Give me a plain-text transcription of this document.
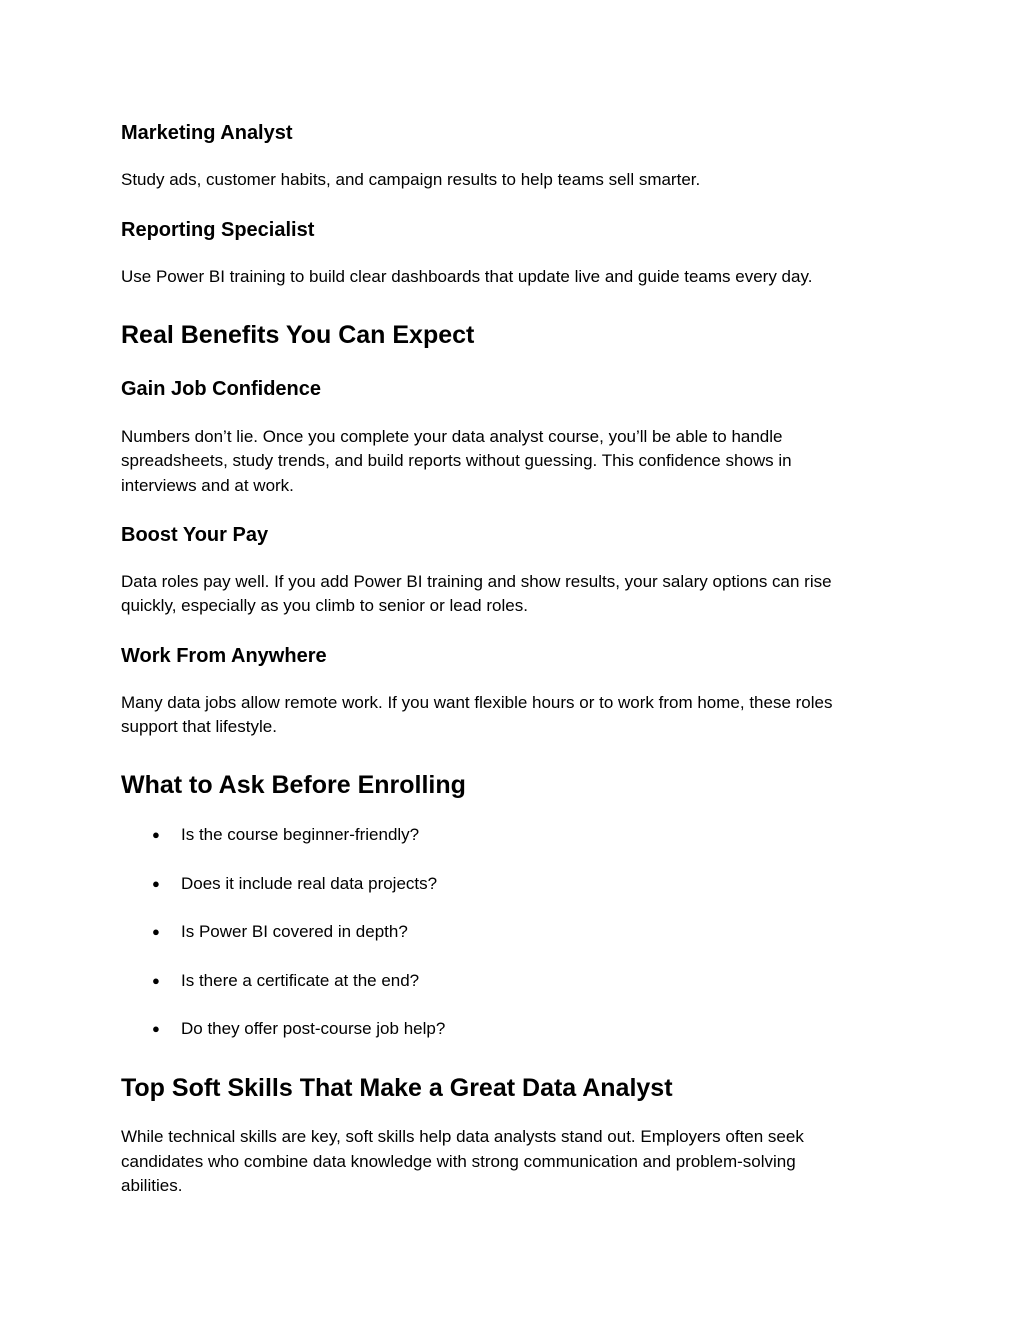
Marketing Analyst

Study ads, customer habits, and campaign results to help teams sell smarter.

Reporting Specialist

Use Power BI training to build clear dashboards that update live and guide teams every day.

Real Benefits You Can Expect
Gain Job Confidence

Numbers don’t lie. Once you complete your data analyst course, you’ll be able to handle

spreadsheets, study trends, and build reports without guessing. This confidence shows in

interviews and at work.

Boost Your Pay

Data roles pay well. If you add Power BI training and show results, your salary options can rise

quickly, especially as you climb to senior or lead roles.

Work From Anywhere

Many data jobs allow remote work. If you want flexible hours or to work from home, these roles

support that lifestyle.

What to Ask Before Enrolling
● Is the course beginner-friendly?
● Does it include real data projects?
● Is Power BI covered in depth?
● Is there a certificate at the end?
● Do they offer post-course job help?
Top Soft Skills That Make a Great Data Analyst

While technical skills are key, soft skills help data analysts stand out. Employers often seek

candidates who combine data knowledge with strong communication and problem-solving

abilities.
